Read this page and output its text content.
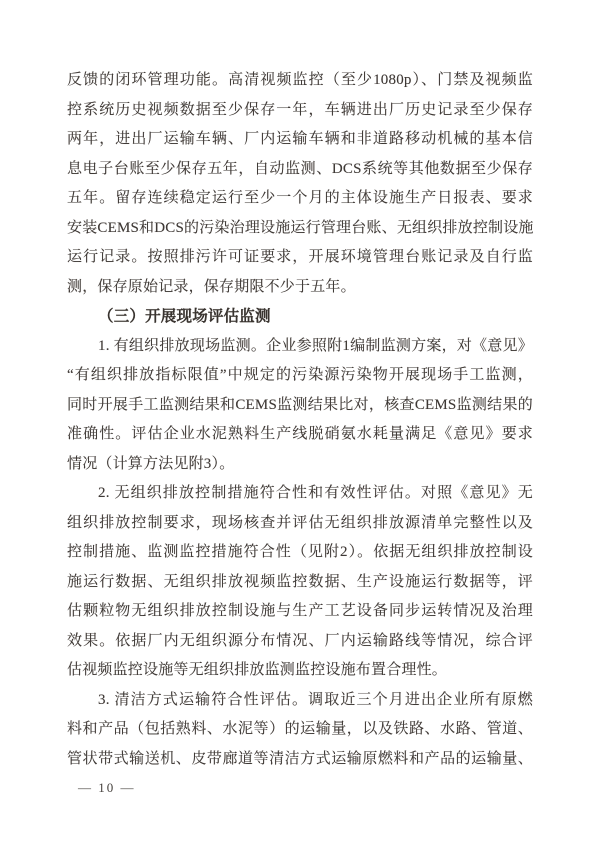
反馈的闭环管理功能。高清视频监控（至少1080p）、门禁及视频监
控系统历史视频数据至少保存一年，车辆进出厂历史记录至少保存
两年，进出厂运输车辆、厂内运输车辆和非道路移动机械的基本信
息电子台账至少保存五年，自动监测、DCS系统等其他数据至少保存
五年。留存连续稳定运行至少一个月的主体设施生产日报表、要求
安装CEMS和DCS的污染治理设施运行管理台账、无组织排放控制设施
运行记录。按照排污许可证要求，开展环境管理台账记录及自行监
测，保存原始记录，保存期限不少于五年。
（三）开展现场评估监测
1. 有组织排放现场监测。企业参照附1编制监测方案，对《意见》
“有组织排放指标限值”中规定的污染源污染物开展现场手工监测，
同时开展手工监测结果和CEMS监测结果比对，核查CEMS监测结果的
准确性。评估企业水泥熟料生产线脱硝氨水耗量满足《意见》要求
情况（计算方法见附3）。
2. 无组织排放控制措施符合性和有效性评估。对照《意见》无
组织排放控制要求，现场核查并评估无组织排放源清单完整性以及
控制措施、监测监控措施符合性（见附2）。依据无组织排放控制设
施运行数据、无组织排放视频监控数据、生产设施运行数据等，评
估颗粒物无组织排放控制设施与生产工艺设备同步运转情况及治理
效果。依据厂内无组织源分布情况、厂内运输路线等情况，综合评
估视频监控设施等无组织排放监测监控设施布置合理性。
3. 清洁方式运输符合性评估。调取近三个月进出企业所有原燃
料和产品（包括熟料、水泥等）的运输量，以及铁路、水路、管道、
管状带式输送机、皮带廊道等清洁方式运输原燃料和产品的运输量、
— 10 —
